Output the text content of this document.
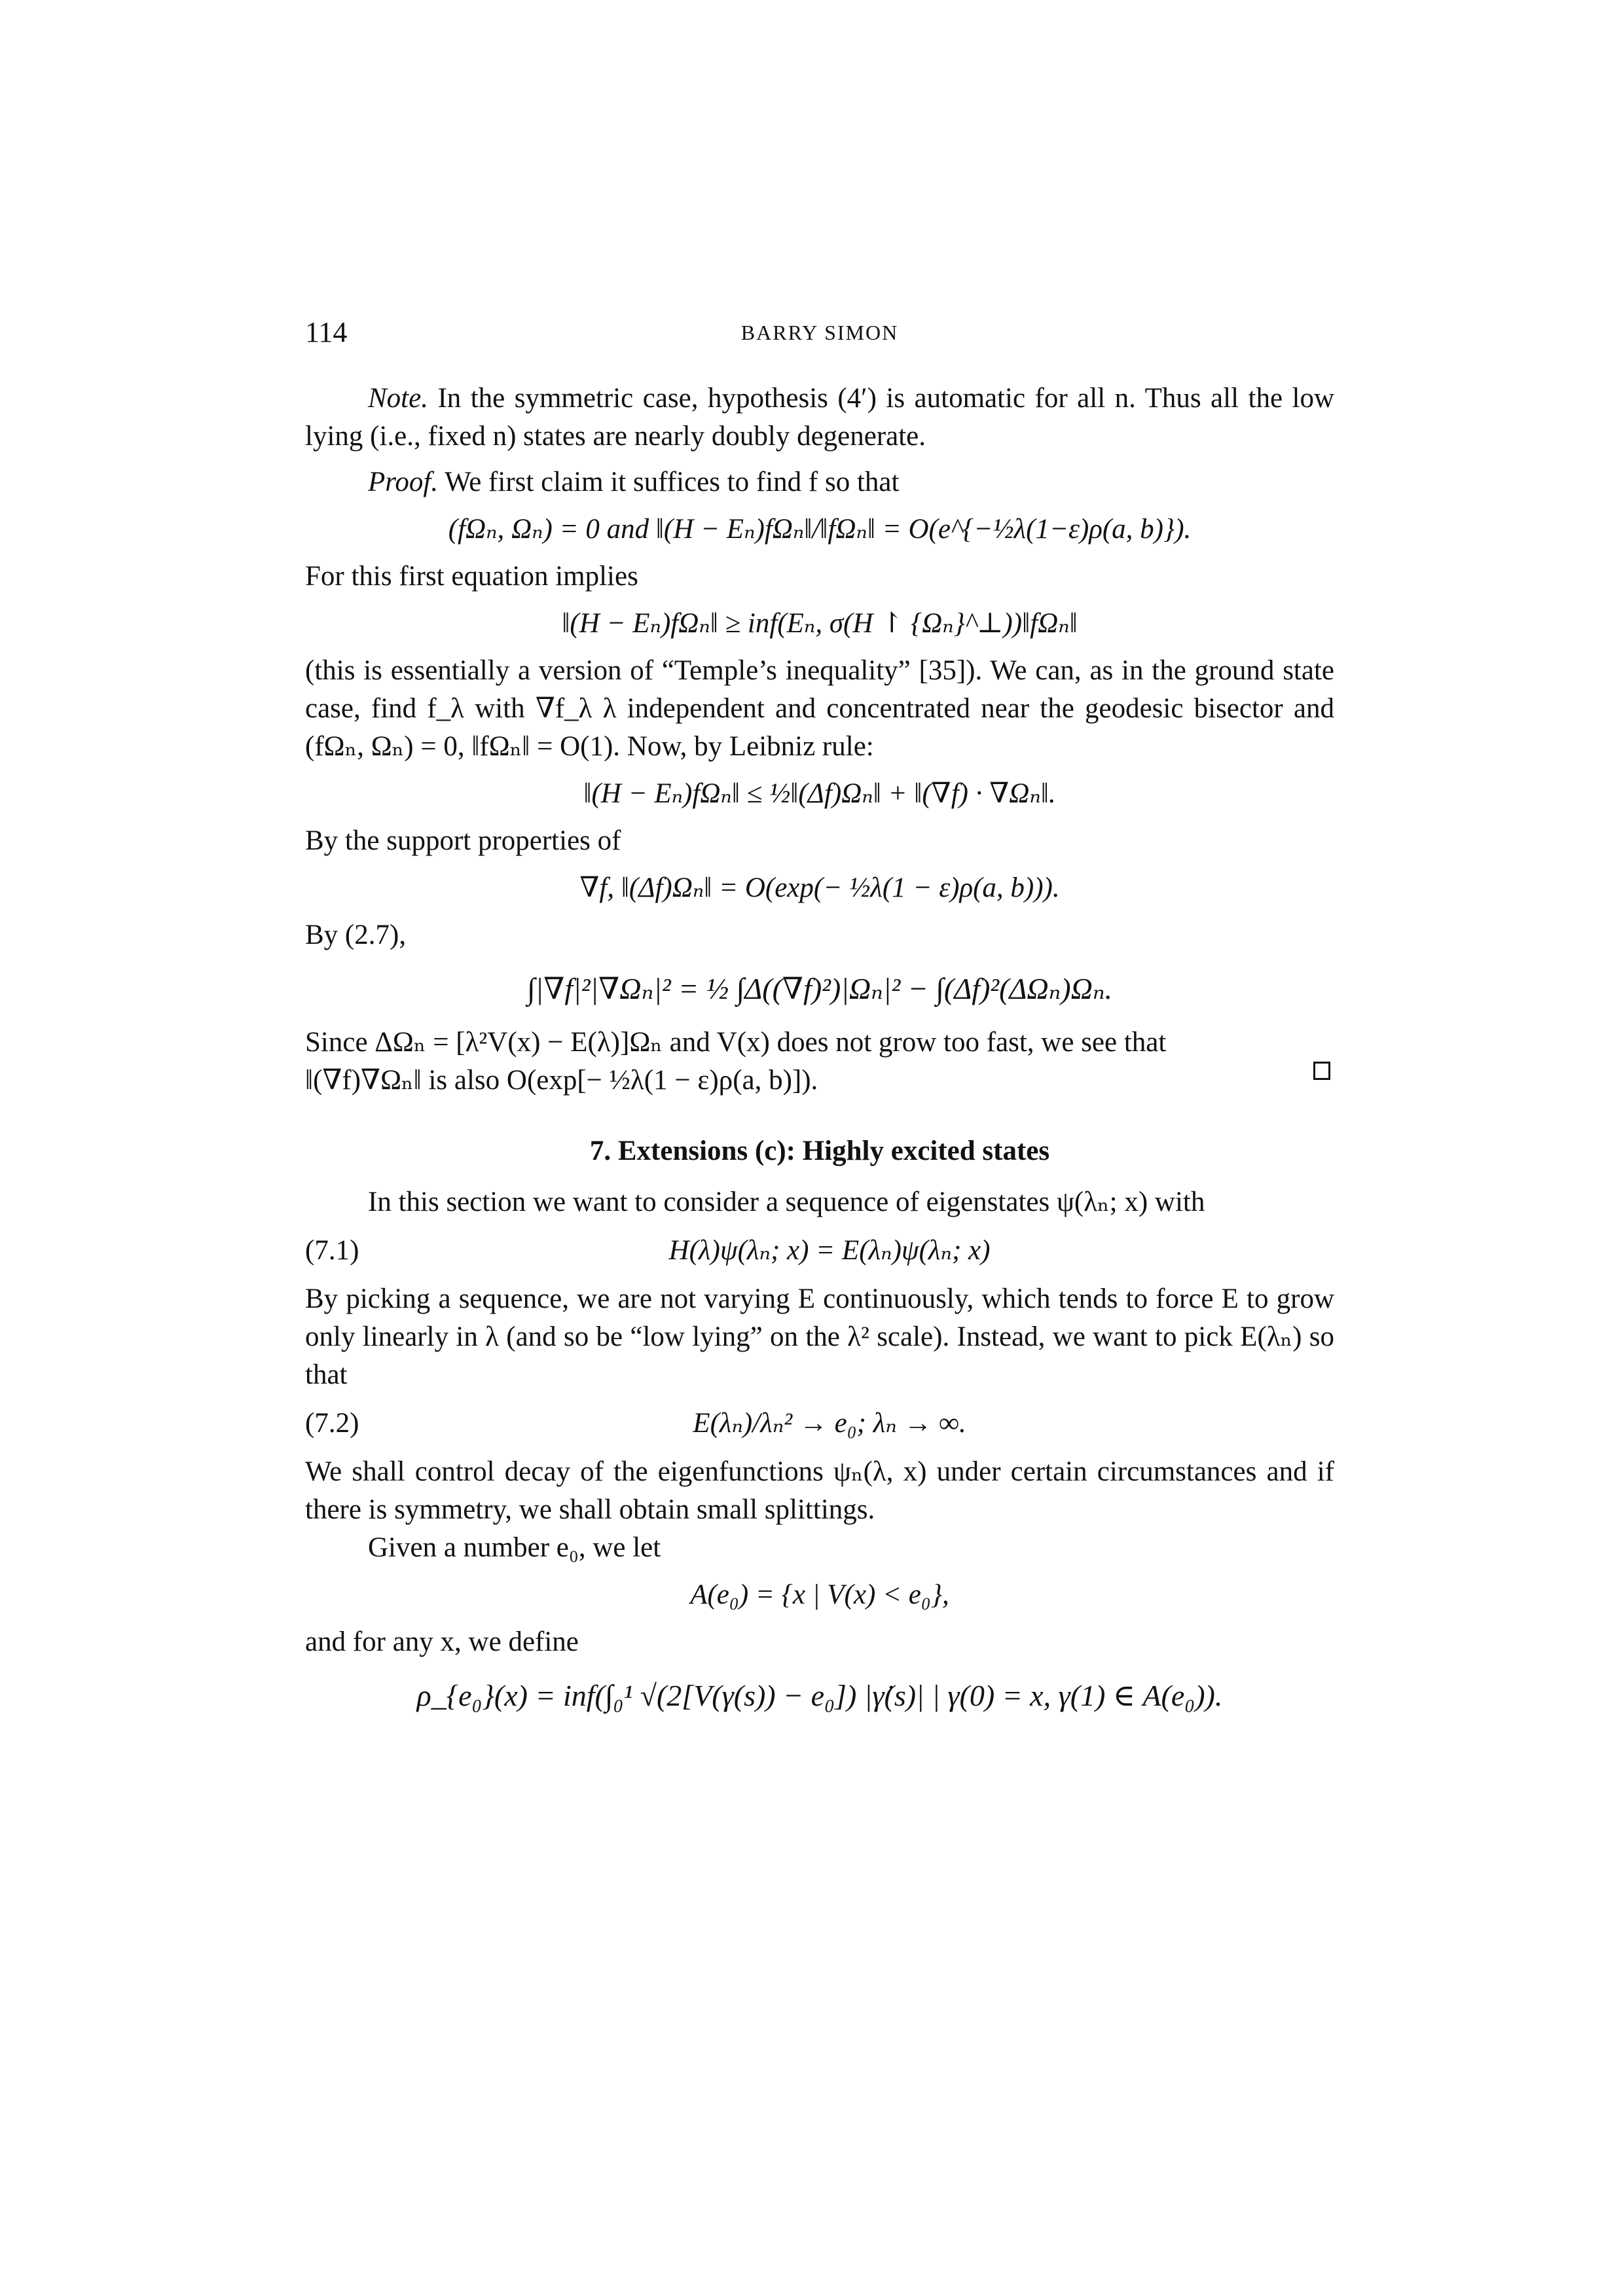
114	BARRY SIMON

Note. In the symmetric case, hypothesis (4′) is automatic for all n. Thus all the low lying (i.e., fixed n) states are nearly doubly degenerate.

Proof. We first claim it suffices to find f so that

(fΩₙ, Ωₙ) = 0 and ‖(H − Eₙ)fΩₙ‖/‖fΩₙ‖ = O(e^{−½λ(1−ε)ρ(a, b)}).

For this first equation implies

‖(H − Eₙ)fΩₙ‖ ≥ inf(Eₙ, σ(H ↾ {Ωₙ}^⊥))‖fΩₙ‖

(this is essentially a version of “Temple’s inequality” [35]). We can, as in the ground state case, find f_λ with ∇f_λ λ independent and concentrated near the geodesic bisector and (fΩₙ, Ωₙ) = 0, ‖fΩₙ‖ = O(1). Now, by Leibniz rule:

‖(H − Eₙ)fΩₙ‖ ≤ ½‖(Δf)Ωₙ‖ + ‖(∇f) · ∇Ωₙ‖.

By the support properties of

∇f, ‖(Δf)Ωₙ‖ = O(exp(− ½λ(1 − ε)ρ(a, b))).

By (2.7),

∫|∇f|²|∇Ωₙ|² = ½ ∫Δ((∇f)²)|Ωₙ|² − ∫(Δf)²(ΔΩₙ)Ωₙ.

Since ΔΩₙ = [λ²V(x) − E(λ)]Ωₙ and V(x) does not grow too fast, we see that

‖(∇f)∇Ωₙ‖ is also O(exp[− ½λ(1 − ε)ρ(a, b)]).
7. Extensions (c): Highly excited states

In this section we want to consider a sequence of eigenstates ψ(λₙ; x) with

(7.1)	H(λ)ψ(λₙ; x) = E(λₙ)ψ(λₙ; x)

By picking a sequence, we are not varying E continuously, which tends to force E to grow only linearly in λ (and so be “low lying” on the λ² scale). Instead, we want to pick E(λₙ) so that

(7.2)	E(λₙ)/λₙ² → e₀; λₙ → ∞.

We shall control decay of the eigenfunctions ψₙ(λ, x) under certain circumstances and if there is symmetry, we shall obtain small splittings.

Given a number e₀, we let

A(e₀) = {x | V(x) < e₀},

and for any x, we define

ρ_{e₀}(x) = inf(∫₀¹ √(2[V(γ(s)) − e₀]) |γ̇(s)| | γ(0) = x, γ(1) ∈ A(e₀)).
